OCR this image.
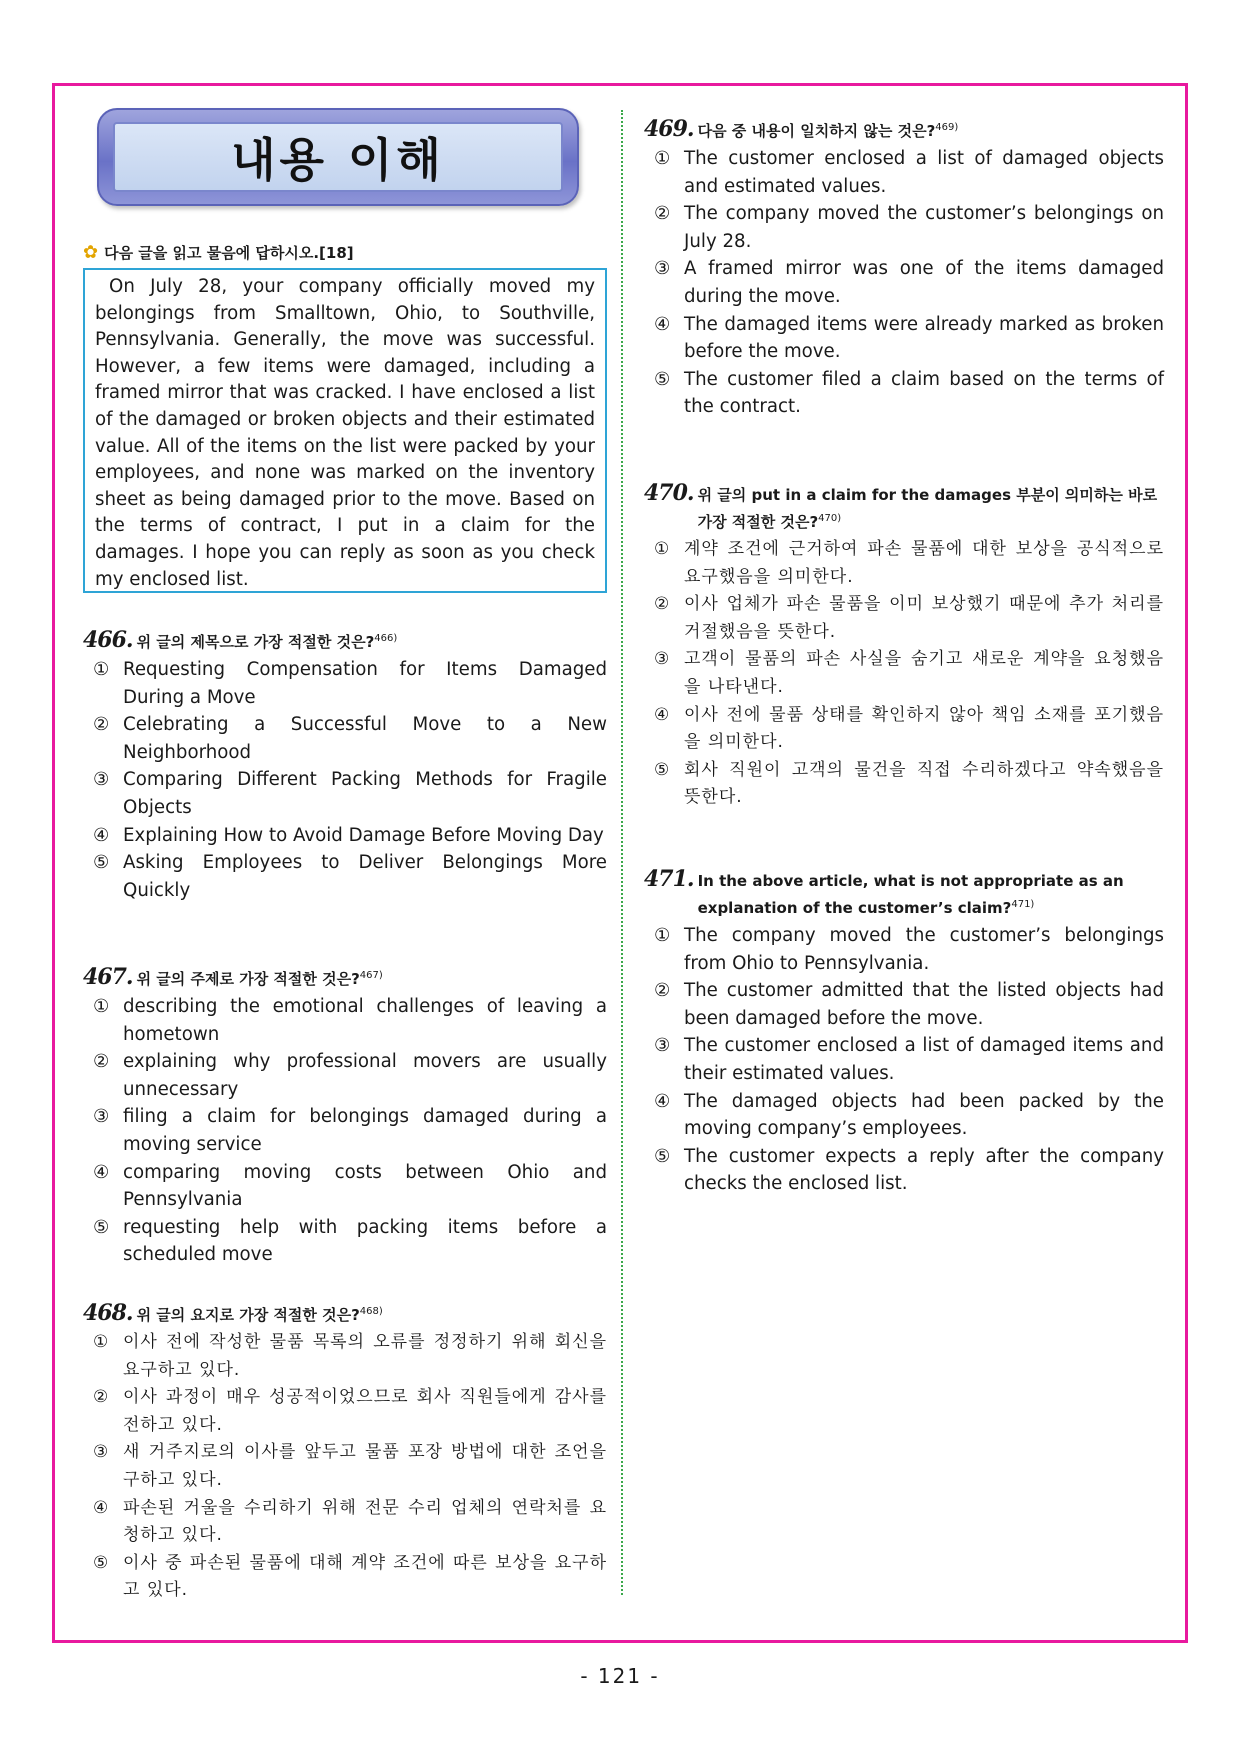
내용 이해
✿ 다음 글을 읽고 물음에 답하시오.[18]
On July 28, your company officially moved my belongings from Smalltown, Ohio, to Southville, Pennsylvania. Generally, the move was successful. However, a few items were damaged, including a framed mirror that was cracked. I have enclosed a list of the damaged or broken objects and their estimated value. All of the items on the list were packed by your employees, and none was marked on the inventory sheet as being damaged prior to the move. Based on the terms of contract, I put in a claim for the damages. I hope you can reply as soon as you check my enclosed list.
466. 위 글의 제목으로 가장 적절한 것은?$^{466)}$
① Requesting Compensation for Items Damaged During a Move
② Celebrating a Successful Move to a New Neighborhood
③ Comparing Different Packing Methods for Fragile Objects
④ Explaining How to Avoid Damage Before Moving Day
⑤ Asking Employees to Deliver Belongings More Quickly
467. 위 글의 주제로 가장 적절한 것은?$^{467)}$
① describing the emotional challenges of leaving a hometown
② explaining why professional movers are usually unnecessary
③ filing a claim for belongings damaged during a moving service
④ comparing moving costs between Ohio and Pennsylvania
⑤ requesting help with packing items before a scheduled move
468. 위 글의 요지로 가장 적절한 것은?$^{468)}$
① 이사 전에 작성한 물품 목록의 오류를 정정하기 위해 회신을 요구하고 있다.
② 이사 과정이 매우 성공적이었으므로 회사 직원들에게 감사를 전하고 있다.
③ 새 거주지로의 이사를 앞두고 물품 포장 방법에 대한 조언을 구하고 있다.
④ 파손된 거울을 수리하기 위해 전문 수리 업체의 연락처를 요청하고 있다.
⑤ 이사 중 파손된 물품에 대해 계약 조건에 따른 보상을 요구하고 있다.
469. 다음 중 내용이 일치하지 않는 것은?$^{469)}$
① The customer enclosed a list of damaged objects and estimated values.
② The company moved the customer’s belongings on July 28.
③ A framed mirror was one of the items damaged during the move.
④ The damaged items were already marked as broken before the move.
⑤ The customer filed a claim based on the terms of the contract.
470. 위 글의 put in a claim for the damages 부분이 의미하는 바로 가장 적절한 것은?$^{470)}$
① 계약 조건에 근거하여 파손 물품에 대한 보상을 공식적으로 요구했음을 의미한다.
② 이사 업체가 파손 물품을 이미 보상했기 때문에 추가 처리를 거절했음을 뜻한다.
③ 고객이 물품의 파손 사실을 숨기고 새로운 계약을 요청했음을 나타낸다.
④ 이사 전에 물품 상태를 확인하지 않아 책임 소재를 포기했음을 의미한다.
⑤ 회사 직원이 고객의 물건을 직접 수리하겠다고 약속했음을 뜻한다.
471. In the above article, what is not appropriate as an explanation of the customer’s claim?$^{471)}$
① The company moved the customer’s belongings from Ohio to Pennsylvania.
② The customer admitted that the listed objects had been damaged before the move.
③ The customer enclosed a list of damaged items and their estimated values.
④ The damaged objects had been packed by the moving company’s employees.
⑤ The customer expects a reply after the company checks the enclosed list.
- 121 -
